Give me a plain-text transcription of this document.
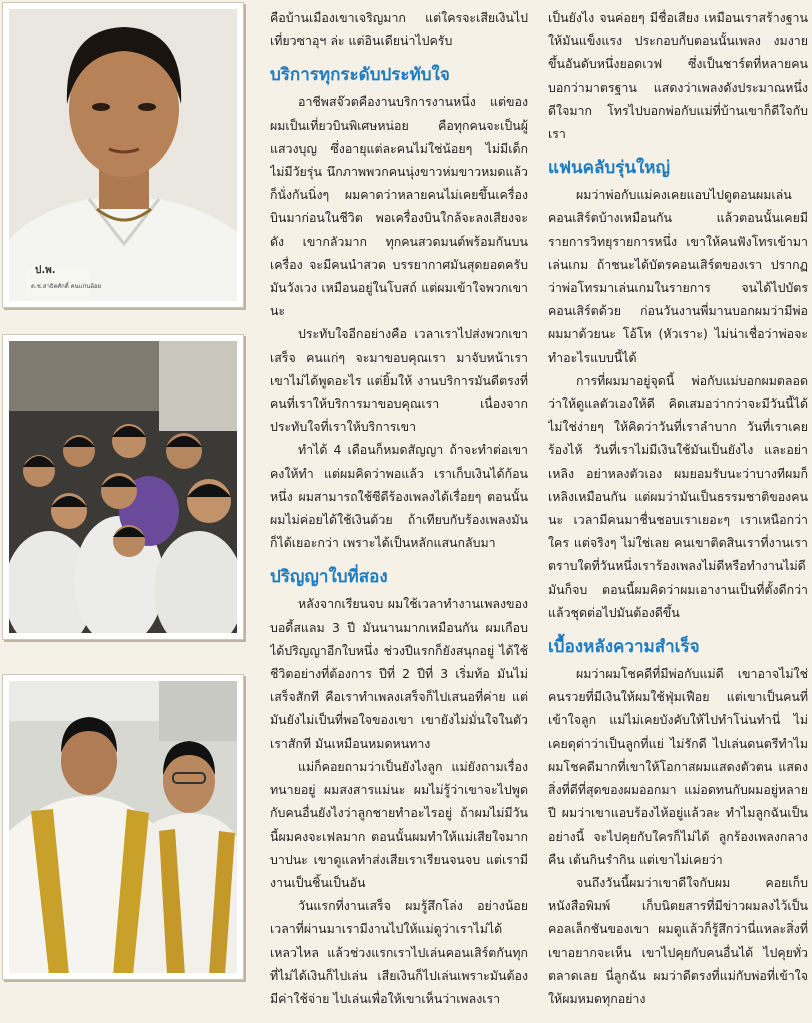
ป.พ.
ด.ช.สาธิตศักดิ์ คนแก่นอ้อย

คือบ้านเมืองเขาเจริญมาก แต่ใครจะเสียเงินไปเที่ยวซาอุฯ ล่ะ แต่อินเดียน่าไปครับ

บริการทุกระดับประทับใจ

อาชีพสจ๊วตคืองานบริการงานหนึ่ง แต่ของผมเป็นเที่ยวบินพิเศษหน่อย คือทุกคนจะเป็นผู้แสวงบุญ ซึ่งอายุแต่ละคนไม่ใช่น้อยๆ ไม่มีเด็กไม่มีวัยรุ่น นึกภาพพวกคนนุ่งขาวห่มขาวหมดแล้วก็นั่งกันนิ่งๆ ผมคาดว่าหลายคนไม่เคยขึ้นเครื่องบินมาก่อนในชีวิต พอเครื่องบินใกล้จะลงเสียงจะดัง เขากลัวมาก ทุกคนสวดมนต์พร้อมกันบนเครื่อง จะมีคนนำสวด บรรยากาศมันสุดยอดครับ มันวังเวง เหมือนอยู่ในโบสถ์ แต่ผมเข้าใจพวกเขานะ

ประทับใจอีกอย่างคือ เวลาเราไปส่งพวกเขาเสร็จ คนแก่ๆ จะมาขอบคุณเรา มาจับหน้าเรา เขาไม่ได้พูดอะไร แต่ยิ้มให้ งานบริการมันดีตรงที่คนที่เราให้บริการมาขอบคุณเรา เนื่องจากประทับใจที่เราให้บริการเขา

ทำได้ 4 เดือนก็หมดสัญญา ถ้าจะทำต่อเขาคงให้ทำ แต่ผมคิดว่าพอแล้ว เราเก็บเงินได้ก้อนหนึ่ง ผมสามารถใช้ซีดีร้องเพลงได้เรื่อยๆ ตอนนั้นผมไม่ค่อยได้ใช้เงินด้วย ถ้าเทียบกับร้องเพลงมันก็ได้เยอะกว่า เพราะได้เป็นหลักแสนกลับมา

ปริญญาใบที่สอง

หลังจากเรียนจบ ผมใช้เวลาทำงานเพลงของบอดี้สแลม 3 ปี มันนานมากเหมือนกัน ผมเกือบได้ปริญญาอีกใบหนึ่ง ช่วงปีแรกก็ยังสนุกอยู่ ได้ใช้ชีวิตอย่างที่ต้องการ ปีที่ 2 ปีที่ 3 เริ่มท้อ มันไม่เสร็จสักที คือเราทำเพลงเสร็จก็ไปเสนอที่ค่าย แต่มันยังไม่เป็นที่พอใจของเขา เขายังไม่มั่นใจในตัวเราสักที มันเหมือนหมดหนทาง

แม่ก็คอยถามว่าเป็นยังไงลูก แม่ยังถามเรื่องทนายอยู่ ผมสงสารแม่นะ ผมไม่รู้ว่าเขาจะไปพูดกับคนอื่นยังไงว่าลูกชายทำอะไรอยู่ ถ้าผมไม่มีวันนี้ผมคงจะเฟลมาก ตอนนั้นผมทำให้แม่เสียใจมาก บาปนะ เขาดูแลทำส่งเสียเราเรียนจนจบ แต่เรามีงานเป็นชิ้นเป็นอัน

วันแรกที่งานเสร็จ ผมรู้สึกโล่ง อย่างน้อยเวลาที่ผ่านมาเรามีงานไปให้แม่ดูว่าเราไม่ได้เหลวไหล แล้วช่วงแรกเราไปเล่นคอนเสิร์ตกันทุกที่ไม่ได้เงินก็ไปเล่น เสียเงินก็ไปเล่นเพราะมันต้องมีค่าใช้จ่าย ไปเล่นเพื่อให้เขาเห็นว่าเพลงเรา

เป็นยังไง จนค่อยๆ มีชื่อเสียง เหมือนเราสร้างฐานให้มันแข็งแรง ประกอบกับตอนนั้นเพลง งมงาย ขึ้นอันดับหนึ่งยอดเวฟ ซึ่งเป็นชาร์ตที่หลายคนบอกว่ามาตรฐาน แสดงว่าเพลงดังประมาณหนึ่งดีใจมาก โทรไปบอกพ่อกับแม่ที่บ้านเขาก็ดีใจกับเรา

แฟนคลับรุ่นใหญ่

ผมว่าพ่อกับแม่คงเคยแอบไปดูตอนผมเล่นคอนเสิร์ตบ้างเหมือนกัน แล้วตอนนั้นเคยมีรายการวิทยุรายการหนึ่ง เขาให้คนฟังโทรเข้ามาเล่นเกม ถ้าชนะได้บัตรคอนเสิร์ตของเรา ปรากฏว่าพ่อโทรมาเล่นเกมในรายการ จนได้ไปบัตรคอนเสิร์ตด้วย ก่อนวันงานพี่มานบอกผมว่ามีพ่อผมมาด้วยนะ โอ้โห (หัวเราะ) ไม่น่าเชื่อว่าพ่อจะทำอะไรแบบนี้ได้

การที่ผมมาอยู่จุดนี้ พ่อกับแม่บอกผมตลอดว่าให้ดูแลตัวเองให้ดี คิดเสมอว่ากว่าจะมีวันนี้ได้ไม่ใช่ง่ายๆ ให้คิดว่าวันที่เราลำบาก วันที่เราเคยร้องไห้ วันที่เราไม่มีเงินใช้มันเป็นยังไง และอย่าเหลิง อย่าหลงตัวเอง ผมยอมรับนะว่าบางทีผมก็เหลิงเหมือนกัน แต่ผมว่ามันเป็นธรรมชาติของคนนะ เวลามีคนมาชื่นชอบเราเยอะๆ เราเหนือกว่าใคร แต่จริงๆ ไม่ใช่เลย คนเขาติดสินเราที่งานเรา ตราบใดที่วันหนึ่งเราร้องเพลงไม่ดีหรือทำงานไม่ดี มันก็จบ ตอนนี้ผมคิดว่าผมเอางานเป็นที่ตั้งดีกว่า แล้วชุดต่อไปมันต้องดีขึ้น

เบื้องหลังความสำเร็จ

ผมว่าผมโชคดีที่มีพ่อกับแม่ดี เขาอาจไม่ใช่คนรวยที่มีเงินให้ผมใช้ฟุ่มเฟือย แต่เขาเป็นคนที่เข้าใจลูก แม่ไม่เคยบังคับให้ไปทำโน่นทำนี่ ไม่เคยดุด่าว่าเป็นลูกที่แย่ ไม่รักดี ไปเล่นดนตรีทำไม ผมโชคดีมากที่เขาให้โอกาสผมแสดงตัวตน แสดงสิ่งที่ดีที่สุดของผมออกมา แม่อดทนกับผมอยู่หลายปี ผมว่าเขาแอบร้องไห้อยู่แล้วละ ทำไมลูกฉันเป็นอย่างนี้ จะไปคุยกับใครก็ไม่ได้ ลูกร้องเพลงกลางคืน เต้นกินรำกิน แต่เขาไม่เคยว่า

จนถึงวันนี้ผมว่าเขาดีใจกับผม คอยเก็บหนังสือพิมพ์ เก็บนิตยสารที่มีข่าวผมลงไว้เป็นคอลเล็กชันของเขา ผมดูแล้วก็รู้สึกว่านี่แหละสิ่งที่เขาอยากจะเห็น เขาไปคุยกับคนอื่นได้ ไปคุยทั่วตลาดเลย นี่ลูกฉัน ผมว่าดีตรงที่แม่กับพ่อที่เข้าใจ ให้ผมหมดทุกอย่าง
